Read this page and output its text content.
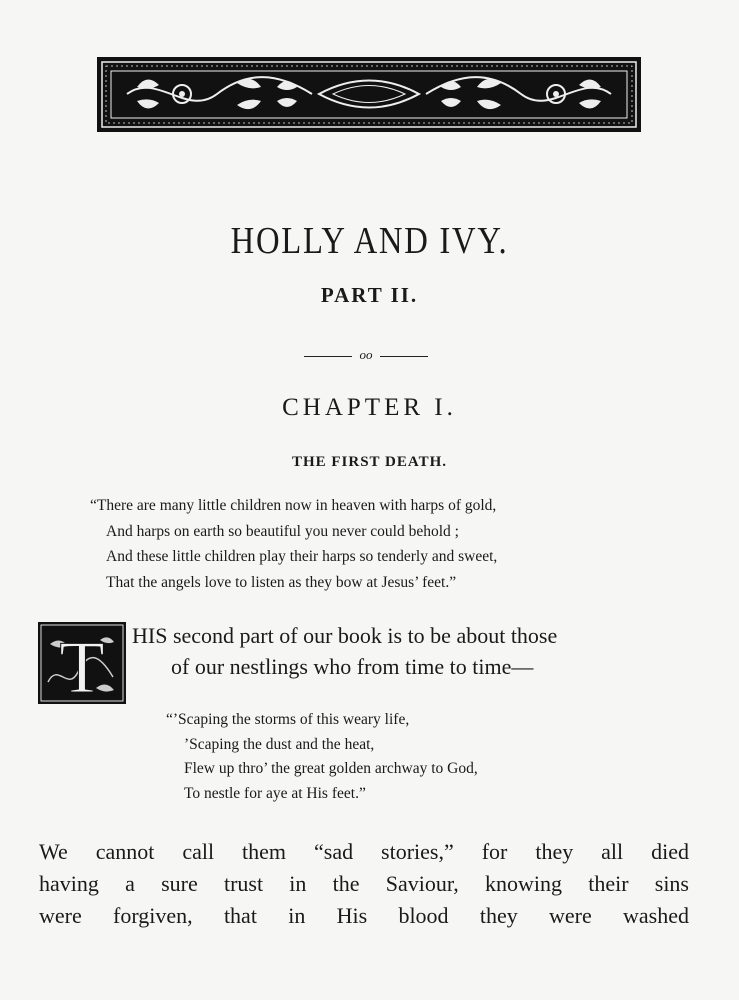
HOLLY AND IVY.
PART II.
oo
CHAPTER I.
THE FIRST DEATH.
“There are many little children now in heaven with harps of gold,
And harps on earth so beautiful you never could behold ;
And these little children play their harps so tenderly and sweet,
That the angels love to listen as they bow at Jesus’ feet.”
T HIS second part of our book is to be about those
of our nestlings who from time to time—
“’Scaping the storms of this weary life,
’Scaping the dust and the heat,
Flew up thro’ the great golden archway to God,
To nestle for aye at His feet.”
We cannot call them “sad stories,” for they all died
having a sure trust in the Saviour, knowing their sins
were forgiven, that in His blood they were washed
